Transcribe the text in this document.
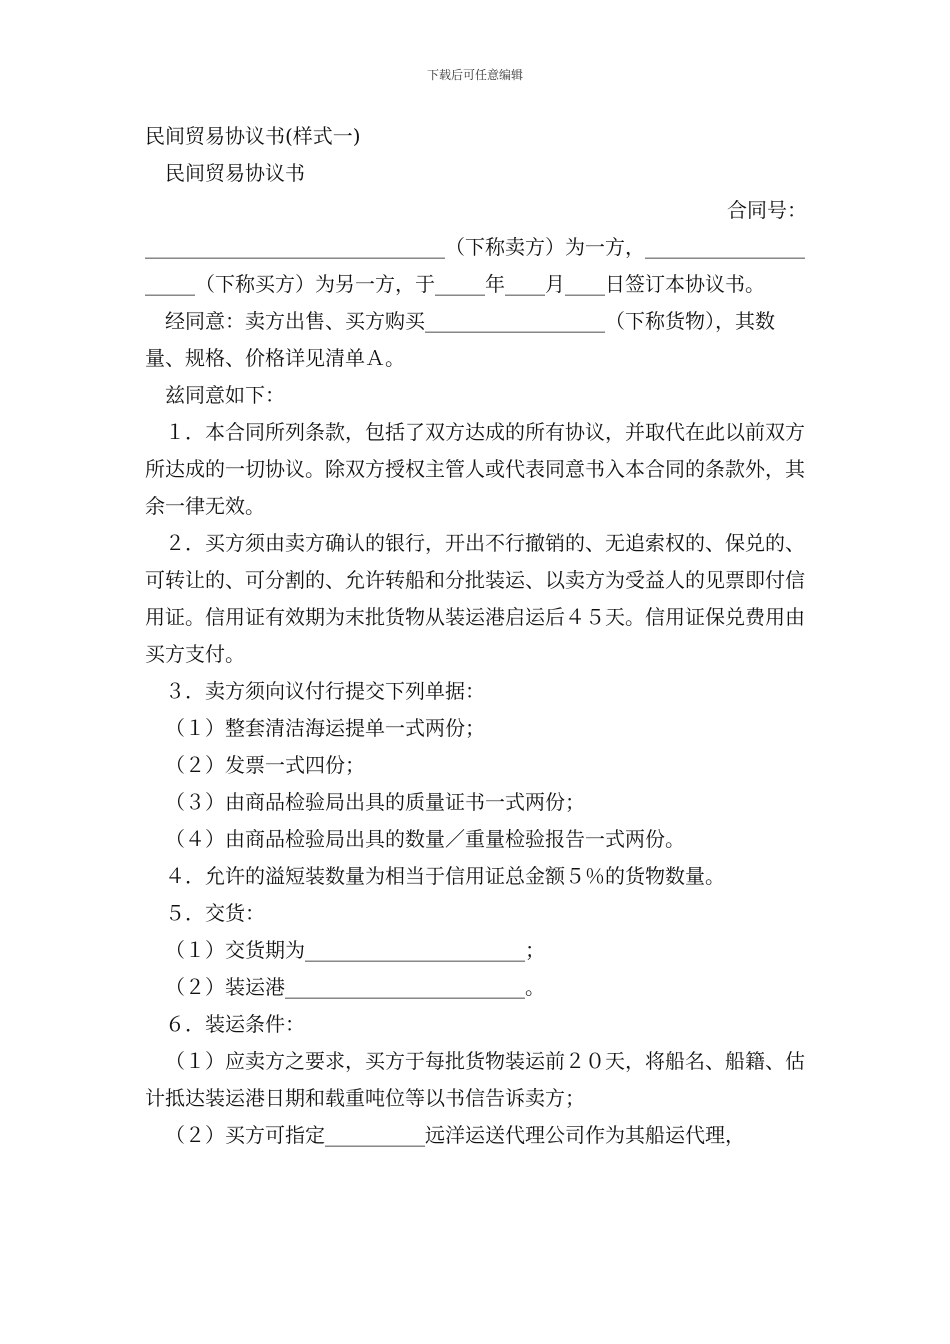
下载后可任意编辑

民间贸易协议书(样式一)

民间贸易协议书

合同号：

______________________________（下称卖方）为一方，_____________________（下称买方）为另一方，于_____年____月____日签订本协议书。

经同意：卖方出售、买方购买__________________（下称货物），其数量、规格、价格详见清单Ａ。

兹同意如下：

１．本合同所列条款，包括了双方达成的所有协议，并取代在此以前双方所达成的一切协议。除双方授权主管人或代表同意书入本合同的条款外，其余一律无效。

２．买方须由卖方确认的银行，开出不行撤销的、无追索权的、保兑的、可转让的、可分割的、允许转船和分批装运、以卖方为受益人的见票即付信用证。信用证有效期为末批货物从装运港启运后４５天。信用证保兑费用由买方支付。

３．卖方须向议付行提交下列单据：

（１）整套清洁海运提单一式两份；

（２）发票一式四份；

（３）由商品检验局出具的质量证书一式两份；

（４）由商品检验局出具的数量／重量检验报告一式两份。

４．允许的溢短装数量为相当于信用证总金额５％的货物数量。

５．交货：

（１）交货期为______________________；

（２）装运港________________________。

６．装运条件：

（１）应卖方之要求，买方于每批货物装运前２０天，将船名、船籍、估计抵达装运港日期和载重吨位等以书信告诉卖方；

（２）买方可指定__________远洋运送代理公司作为其船运代理，
